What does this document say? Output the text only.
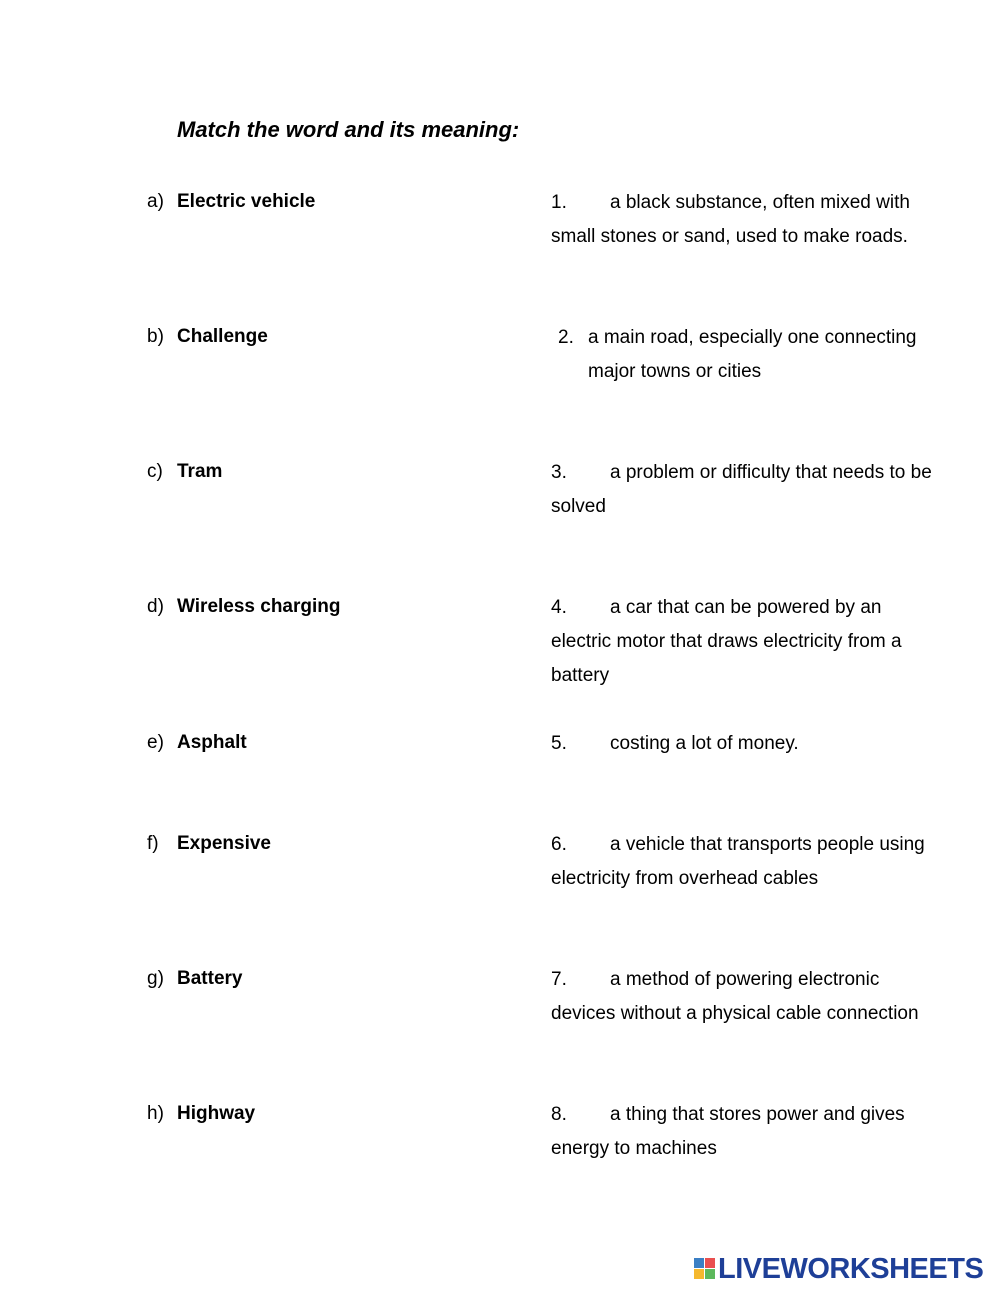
Match the word and its meaning:
a) Electric vehicle
b) Challenge
c) Tram
d) Wireless charging
e) Asphalt
f) Expensive
g) Battery
h) Highway
1. a black substance, often mixed with small stones or sand, used to make roads.
2. a main road, especially one connecting major towns or cities
3. a problem or difficulty that needs to be solved
4. a car that can be powered by an electric motor that draws electricity from a battery
5. costing a lot of money.
6. a vehicle that transports people using electricity from overhead cables
7. a method of powering electronic devices without a physical cable connection
8. a thing that stores power and gives energy to machines
LIVEWORKSHEETS
